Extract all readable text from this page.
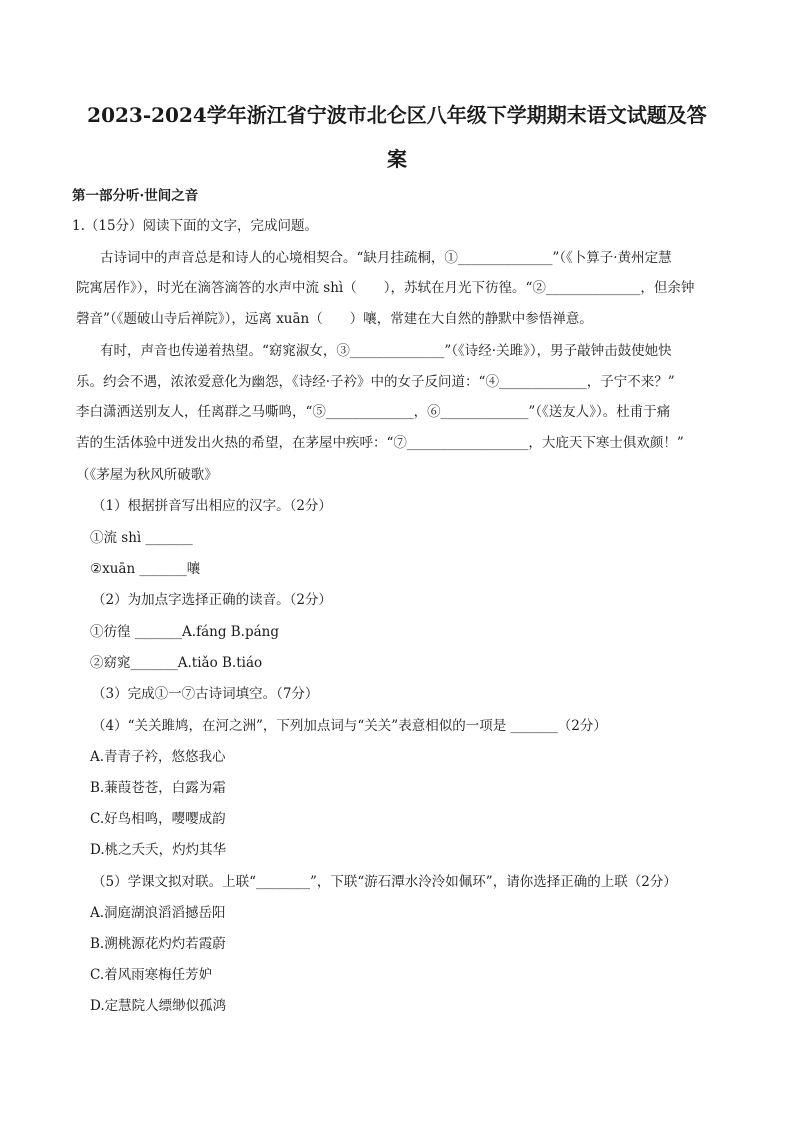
2023-2024学年浙江省宁波市北仑区八年级下学期期末语文试题及答
案

第一部分听·世间之音

1.（15分）阅读下面的文字，完成问题。

古诗词中的声音总是和诗人的心境相契合。“缺月挂疏桐，①______________”（《卜算子·黄州定慧

院寓居作》），时光在滴答滴答的水声中流 shì（　　），苏轼在月光下彷徨。“②______________，但余钟

磬音”（《题破山寺后禅院》），远离 xuān（　　）嚷，常建在大自然的静默中参悟禅意。

有时，声音也传递着热望。“窈窕淑女，③______________”（《诗经·关雎》），男子敲钟击鼓使她快

乐。约会不遇，浓浓爱意化为幽怨，《诗经·子衿》中的女子反问道：“④_____________，子宁不来？”

李白潇洒送别友人，任离群之马嘶鸣，“⑤_____________，⑥_____________”（《送友人》）。杜甫于痛

苦的生活体验中迸发出火热的希望，在茅屋中疾呼：“⑦__________________，大庇天下寒士俱欢颜！”

（《茅屋为秋风所破歌》

（1）根据拼音写出相应的汉字。（2分）

①流 shì _______

②xuān _______嚷

（2）为加点字选择正确的读音。（2分）

①彷徨 _______A.fáng B.páng

②窈窕_______A.tiǎo B.tiáo

（3）完成①一⑦古诗词填空。（7分）

（4）“关关雎鸠，在河之洲”，下列加点词与“关关”表意相似的一项是 _______（2分）

A.青青子衿，悠悠我心

B.蒹葭苍苍，白露为霜

C.好鸟相鸣，嘤嘤成韵

D.桃之夭夭，灼灼其华

（5）学课文拟对联。上联“________”，下联“游石潭水泠泠如佩环”，请你选择正确的上联（2分）

A.洞庭湖浪滔滔撼岳阳

B.溯桃源花灼灼若霞蔚

C.着风雨寒梅任芳妒

D.定慧院人缥缈似孤鸿
